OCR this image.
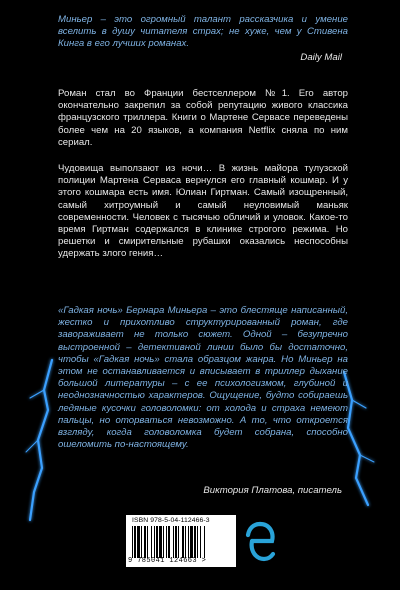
Миньер – это огромный талант рассказчика и умение вселить в душу читателя страх; не хуже, чем у Стивена Кинга в его лучших романах.
Daily Mail
Роман стал во Франции бестселлером №1. Его автор окончательно закрепил за собой репутацию живого классика французского триллера. Книги о Мартене Сервасе переведены более чем на 20 языков, а компания Netflix сняла по ним сериал.
Чудовища выползают из ночи… В жизнь майора тулузской полиции Мартена Серваса вернулся его главный кошмар. И у этого кошмара есть имя. Юлиан Гиртман. Самый изощренный, самый хитроумный и самый неуловимый маньяк современности. Человек с тысячью обличий и уловок. Какое-то время Гиртман содержался в клинике строгого режима. Но решетки и смирительные рубашки оказались неспособны удержать злого гения…
«Гадкая ночь» Бернара Миньера – это блестяще написанный, жестко и прихотливо структурированный роман, где завораживает не только сюжет. Одной – безупречно выстроенной – детективной линии было бы достаточно, чтобы «Гадкая ночь» стала образцом жанра. Но Миньер на этом не останавливается и вписывает в триллер дыхание большой литературы – с ее психологизмом, глубиной и неоднозначностью характеров. Ощущение, будто собираешь ледяные кусочки головоломки: от холода и страха немеют пальцы, но оторваться невозможно. А то, что откроется взгляду, когда головоломка будет собрана, способно ошеломить по-настоящему.
Виктория Платова, писатель
ISBN 978-5-04-112466-3
9 785041 124663 >
